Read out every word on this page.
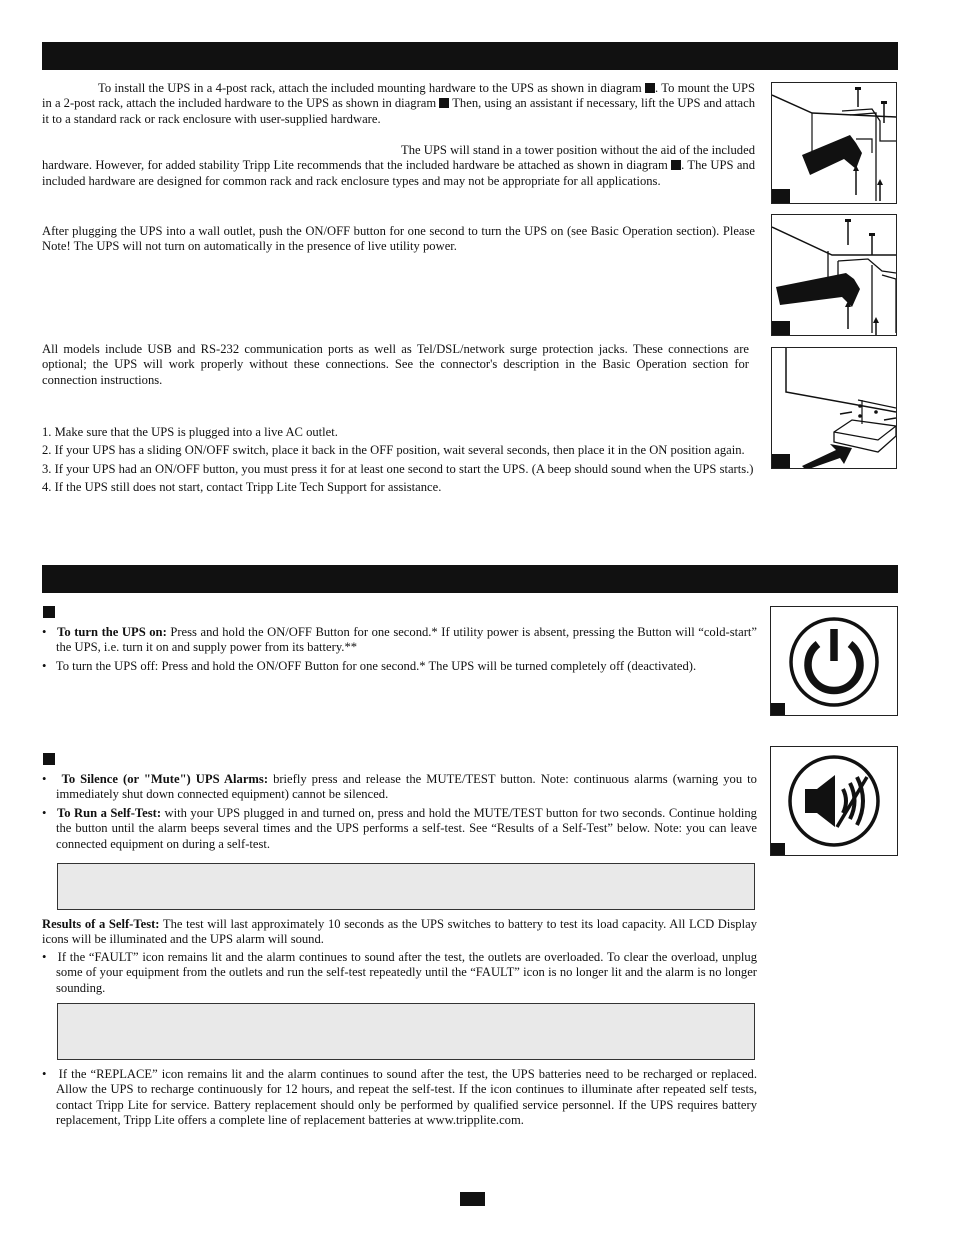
To install the UPS in a 4-post rack, attach the included mounting hardware to the UPS as shown in diagram . To mount the UPS in a 2-post rack, attach the included hardware to the UPS as shown in diagram  Then, using an assistant if necessary, lift the UPS and attach it to a standard rack or rack enclosure with user-supplied hardware.

The UPS will stand in a tower position without the aid of the included hardware. However, for added stability Tripp Lite recommends that the included hardware be attached as shown in diagram . The UPS and included hardware are designed for common rack and rack enclosure types and may not be appropriate for all applications.

After plugging the UPS into a wall outlet, push the ON/OFF button for one second to turn the UPS on (see Basic Operation section). Please Note! The UPS will not turn on automatically in the presence of live utility power.

All models include USB and RS-232 communication ports as well as Tel/DSL/network surge protection jacks. These connections are optional; the UPS will work properly without these connections. See the connector's description in the Basic Operation section for connection instructions.

1. Make sure that the UPS is plugged into a live AC outlet.

2. If your UPS has a sliding ON/OFF switch, place it back in the OFF position, wait several seconds, then place it in the ON position again.

3. If your UPS had an ON/OFF button, you must press it for at least one second to start the UPS. (A beep should sound when the UPS starts.)

4. If the UPS still does not start, contact Tripp Lite Tech Support for assistance.

• To turn the UPS on: Press and hold the ON/OFF Button for one second.* If utility power is absent, pressing the Button will “cold-start” the UPS, i.e. turn it on and supply power from its battery.**

• To turn the UPS off: Press and hold the ON/OFF Button for one second.* The UPS will be turned completely off (deactivated).

• To Silence (or "Mute") UPS Alarms: briefly press and release the MUTE/TEST button. Note: continuous alarms (warning you to immediately shut down connected equipment) cannot be silenced.

• To Run a Self-Test: with your UPS plugged in and turned on, press and hold the MUTE/TEST button for two seconds. Continue holding the button until the alarm beeps several times and the UPS performs a self-test. See “Results of a Self-Test” below. Note: you can leave connected equipment on during a self-test.

Results of a Self-Test: The test will last approximately 10 seconds as the UPS switches to battery to test its load capacity. All LCD Display icons will be illuminated and the UPS alarm will sound.

• If the “FAULT” icon remains lit and the alarm continues to sound after the test, the outlets are overloaded. To clear the overload, unplug some of your equipment from the outlets and run the self-test repeatedly until the “FAULT” icon is no longer lit and the alarm is no longer sounding.

• If the “REPLACE” icon remains lit and the alarm continues to sound after the test, the UPS batteries need to be recharged or replaced. Allow the UPS to recharge continuously for 12 hours, and repeat the self-test. If the icon continues to illuminate after repeated self tests, contact Tripp Lite for service. Battery replacement should only be performed by qualified service personnel. If the UPS requires battery replacement, Tripp Lite offers a complete line of replacement batteries at www.tripplite.com.
